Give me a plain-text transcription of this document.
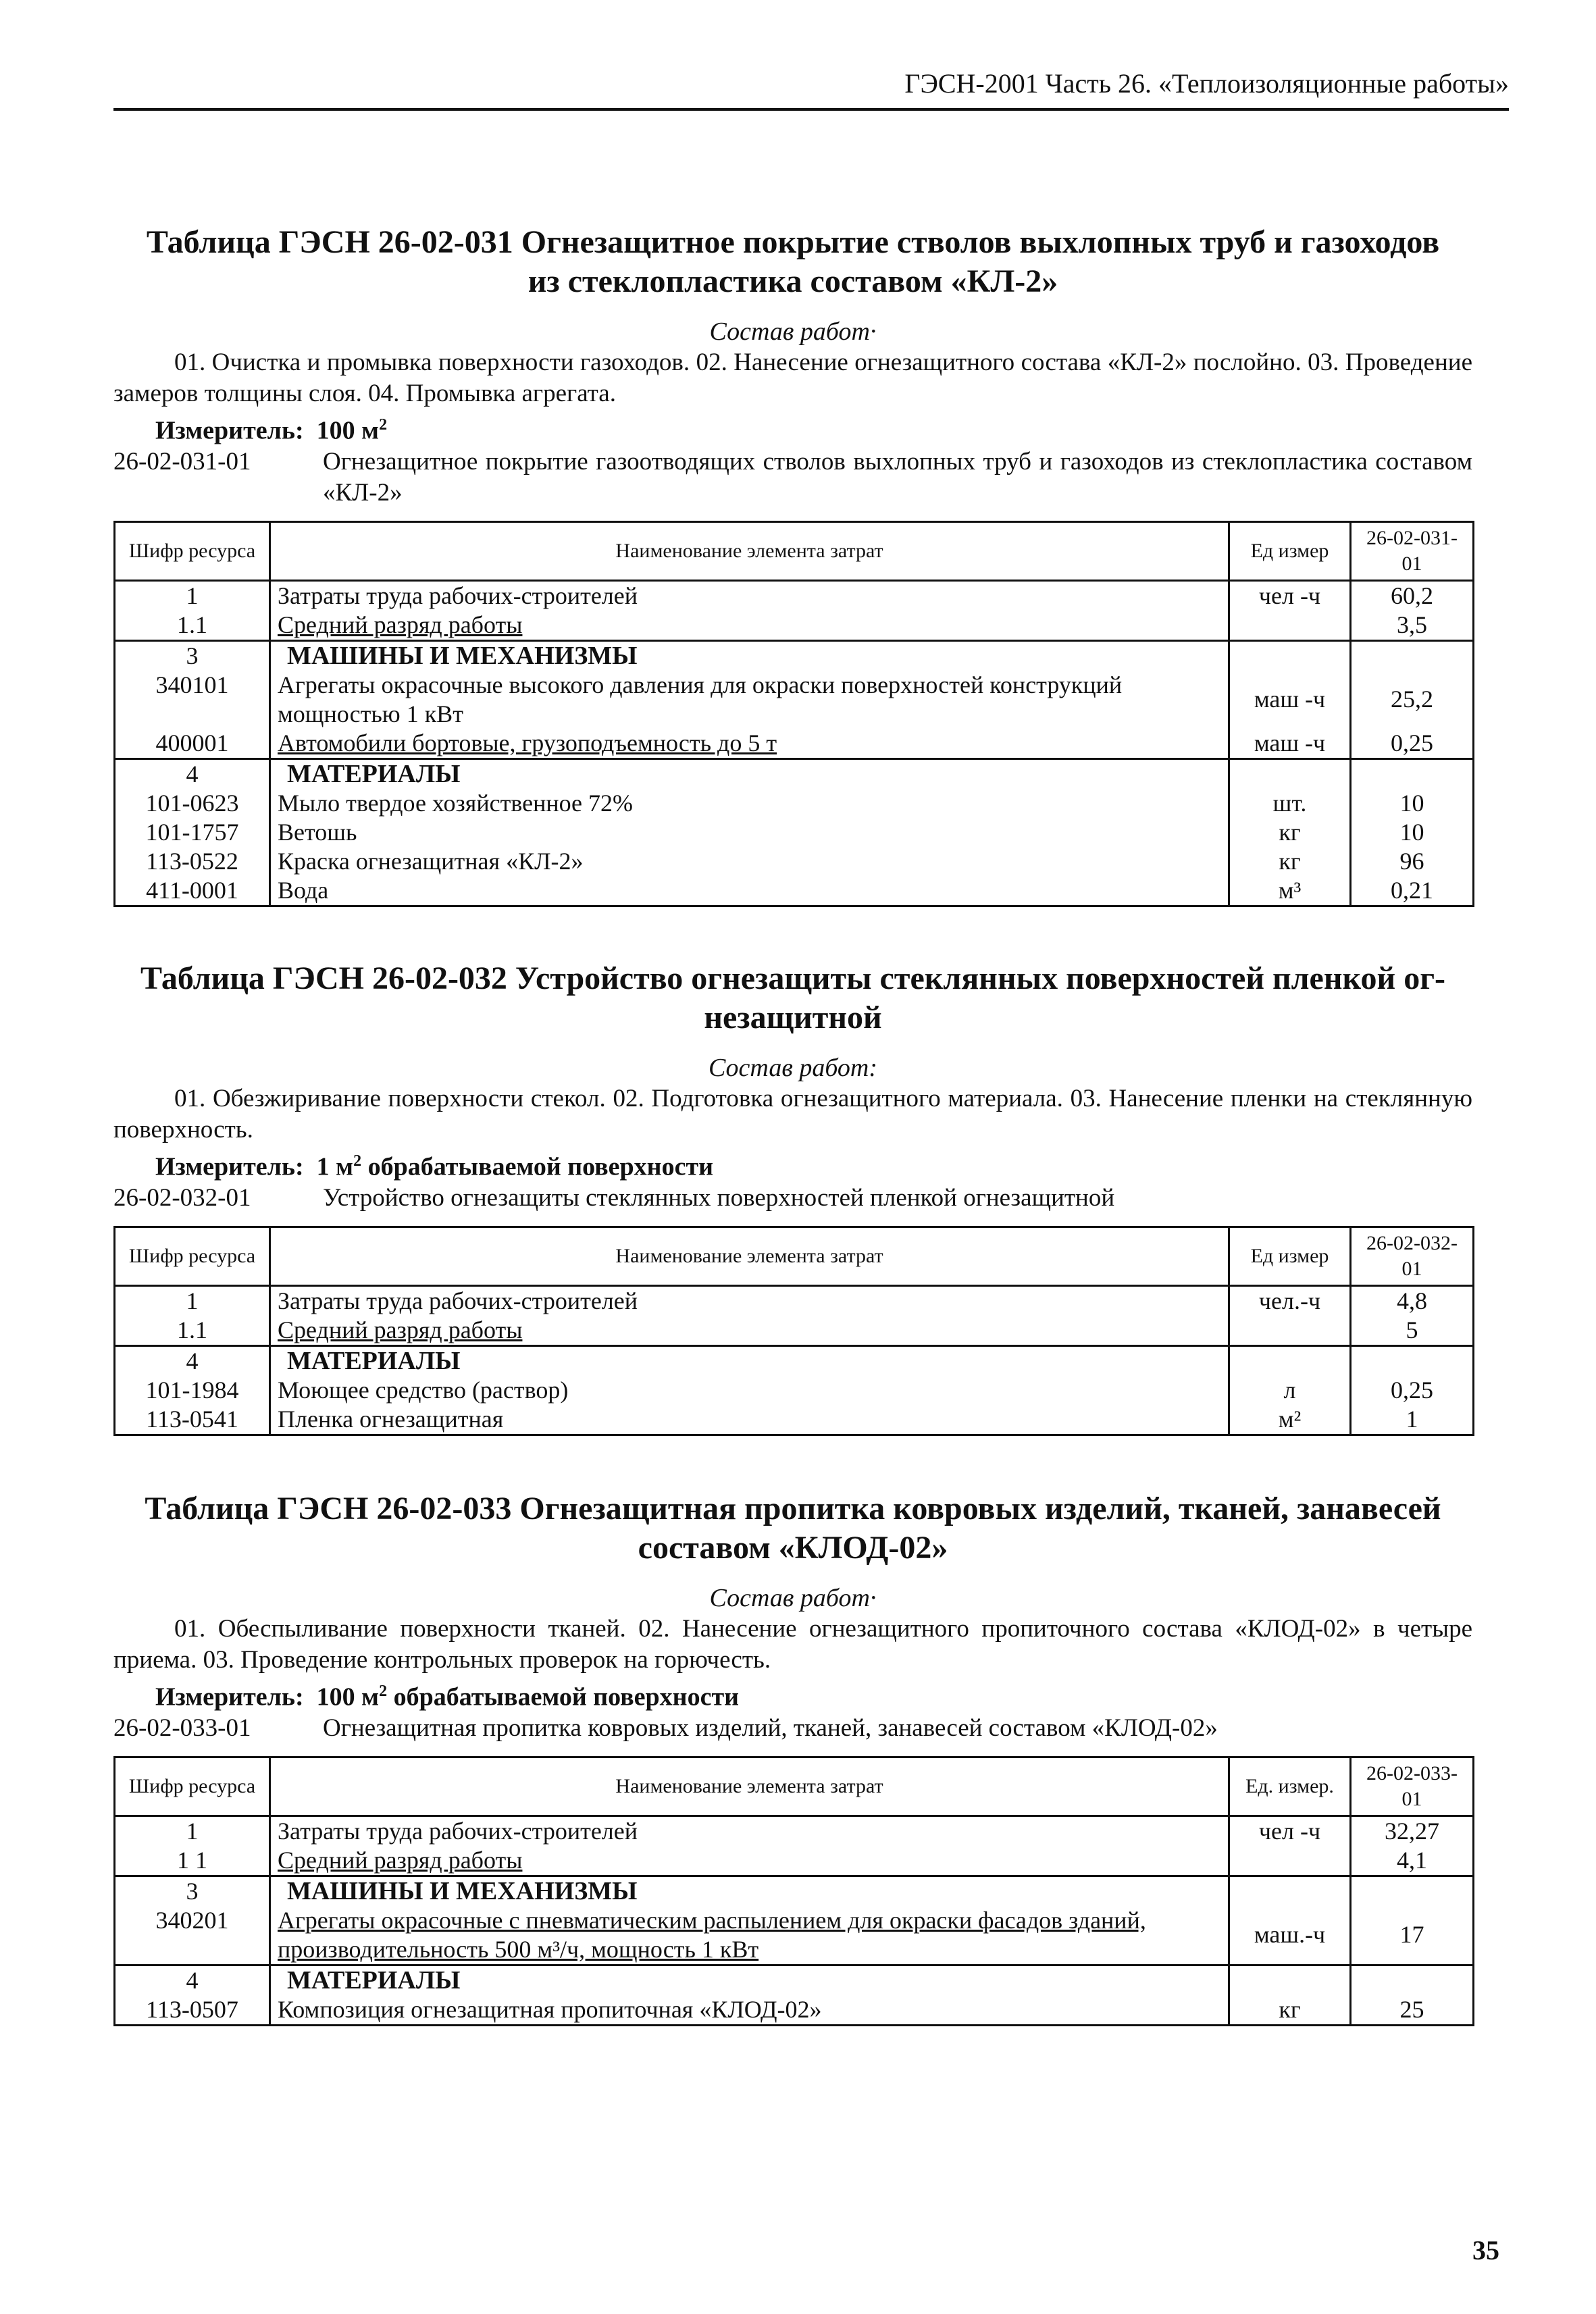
ГЭСН-2001 Часть 26. «Теплоизоляционные работы»
Таблица ГЭСН 26-02-031 Огнезащитное покрытие стволов выхлопных труб и газоходов
из стеклопластика составом «КЛ-2»
Состав работ·
01. Очистка и промывка поверхности газоходов. 02. Нанесение огнезащитного состава «КЛ-2» послойно. 03. Проведение замеров толщины слоя. 04. Промывка агрегата.
Измеритель: 100 $м^2$
26-02-031-01	Огнезащитное покрытие газоотводящих стволов выхлопных труб и газоходов из стеклопластика составом «КЛ-2»
Шифр ресурса	Наименование элемента затрат	Ед измер	26-02-031-01
1	Затраты труда рабочих-строителей	чел -ч	60,2
1.1	Средний разряд работы		3,5
3	МАШИНЫ И МЕХАНИЗМЫ		
340101	Агрегаты окрасочные высокого давления для окраски поверхностей конструкций мощностью 1 кВт	маш -ч	25,2
400001	Автомобили бортовые, грузоподъемность до 5 т	маш -ч	0,25
4	МАТЕРИАЛЫ		
101-0623	Мыло твердое хозяйственное 72%	шт.	10
101-1757	Ветошь	кг	10
113-0522	Краска огнезащитная «КЛ-2»	кг	96
411-0001	Вода	м³	0,21
Таблица ГЭСН 26-02-032 Устройство огнезащиты стеклянных поверхностей пленкой ог-
незащитной
Состав работ:
01. Обезжиривание поверхности стекол. 02. Подготовка огнезащитного материала. 03. Нанесение пленки на стеклянную поверхность.
Измеритель: 1 $м^2$ обрабатываемой поверхности
26-02-032-01	Устройство огнезащиты стеклянных поверхностей пленкой огнезащитной
Шифр ресурса	Наименование элемента затрат	Ед измер	26-02-032-01
1	Затраты труда рабочих-строителей	чел.-ч	4,8
1.1	Средний разряд работы		5
4	МАТЕРИАЛЫ		
101-1984	Моющее средство (раствор)	л	0,25
113-0541	Пленка огнезащитная	м²	1
Таблица ГЭСН 26-02-033 Огнезащитная пропитка ковровых изделий, тканей, занавесей
составом «КЛОД-02»
Состав работ·
01. Обеспыливание поверхности тканей. 02. Нанесение огнезащитного пропиточного состава «КЛОД-02» в четыре приема. 03. Проведение контрольных проверок на горючесть.
Измеритель: 100 $м^2$ обрабатываемой поверхности
26-02-033-01	Огнезащитная пропитка ковровых изделий, тканей, занавесей составом «КЛОД-02»
Шифр ресурса	Наименование элемента затрат	Ед. измер.	26-02-033-01
1	Затраты труда рабочих-строителей	чел -ч	32,27
1 1	Средний разряд работы		4,1
3	МАШИНЫ И МЕХАНИЗМЫ		
340201	Агрегаты окрасочные с пневматическим распылением для окраски фасадов зданий, производительность 500 м³/ч, мощность 1 кВт	маш.-ч	17
4	МАТЕРИАЛЫ		
113-0507	Композиция огнезащитная пропиточная «КЛОД-02»	кг	25
35
